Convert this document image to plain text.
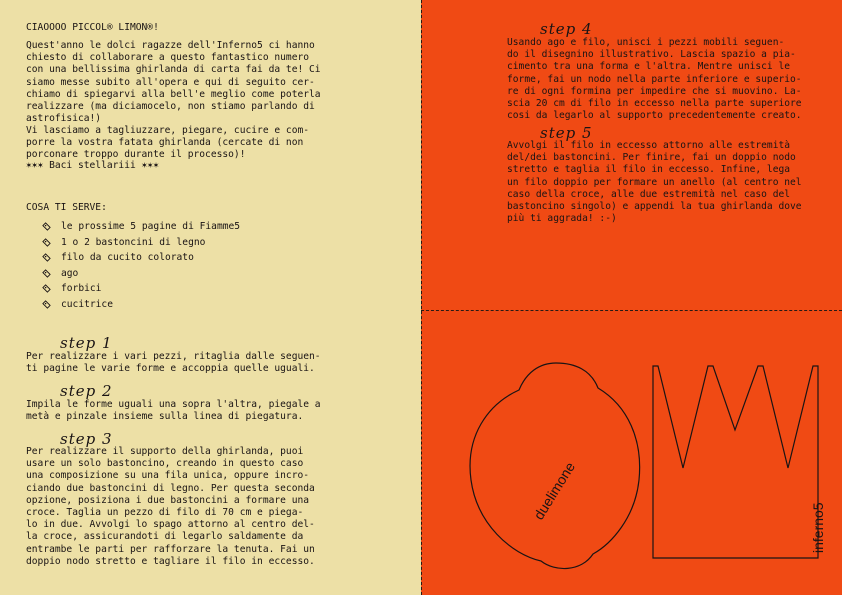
CIAOOOO PICCOL® LIMON®!
Quest'anno le dolci ragazze dell'Inferno5 ci hanno
chiesto di collaborare a questo fantastico numero
con una bellissima ghirlanda di carta fai da te! Ci
siamo messe subito all'opera e qui di seguito cer-
chiamo di spiegarvi alla bell'e meglio come poterla
realizzare (ma diciamocelo, non stiamo parlando di
astrofisica!)
Vi lasciamo a tagliuzzare, piegare, cucire e com-
porre la vostra fatata ghirlanda (cercate di non
porconare troppo durante il processo)!
✶✶✶ Baci stellariii ✶✶✶
COSA TI SERVE:
le prossime 5 pagine di Fiamme5
1 o 2 bastoncini di legno
filo da cucito colorato
ago
forbici
cucitrice
step 1
Per realizzare i vari pezzi, ritaglia dalle seguen-
ti pagine le varie forme e accoppia quelle uguali.
step 2
Impila le forme uguali una sopra l'altra, piegale a
metà e pinzale insieme sulla linea di piegatura.
step 3
Per realizzare il supporto della ghirlanda, puoi
usare un solo bastoncino, creando in questo caso
una composizione su una fila unica, oppure incro-
ciando due bastoncini di legno. Per questa seconda
opzione, posiziona i due bastoncini a formare una
croce. Taglia un pezzo di filo di 70 cm e piega-
lo in due. Avvolgi lo spago attorno al centro del-
la croce, assicurandoti di legarlo saldamente da
entrambe le parti per rafforzare la tenuta. Fai un
doppio nodo stretto e tagliare il filo in eccesso.
step 4
Usando ago e filo, unisci i pezzi mobili seguen-
do il disegnino illustrativo. Lascia spazio a pia-
cimento tra una forma e l'altra. Mentre unisci le
forme, fai un nodo nella parte inferiore e superio-
re di ogni formina per impedire che si muovino. La-
scia 20 cm di filo in eccesso nella parte superiore
cosi da legarlo al supporto precedentemente creato.
step 5
Avvolgi il filo in eccesso attorno alle estremità
del/dei bastoncini. Per finire, fai un doppio nodo
stretto e taglia il filo in eccesso. Infine, lega
un filo doppio per formare un anello (al centro nel
caso della croce, alle due estremità nel caso del
bastoncino singolo) e appendi la tua ghirlanda dove
più ti aggrada! :-)
duelimone
inferno5
